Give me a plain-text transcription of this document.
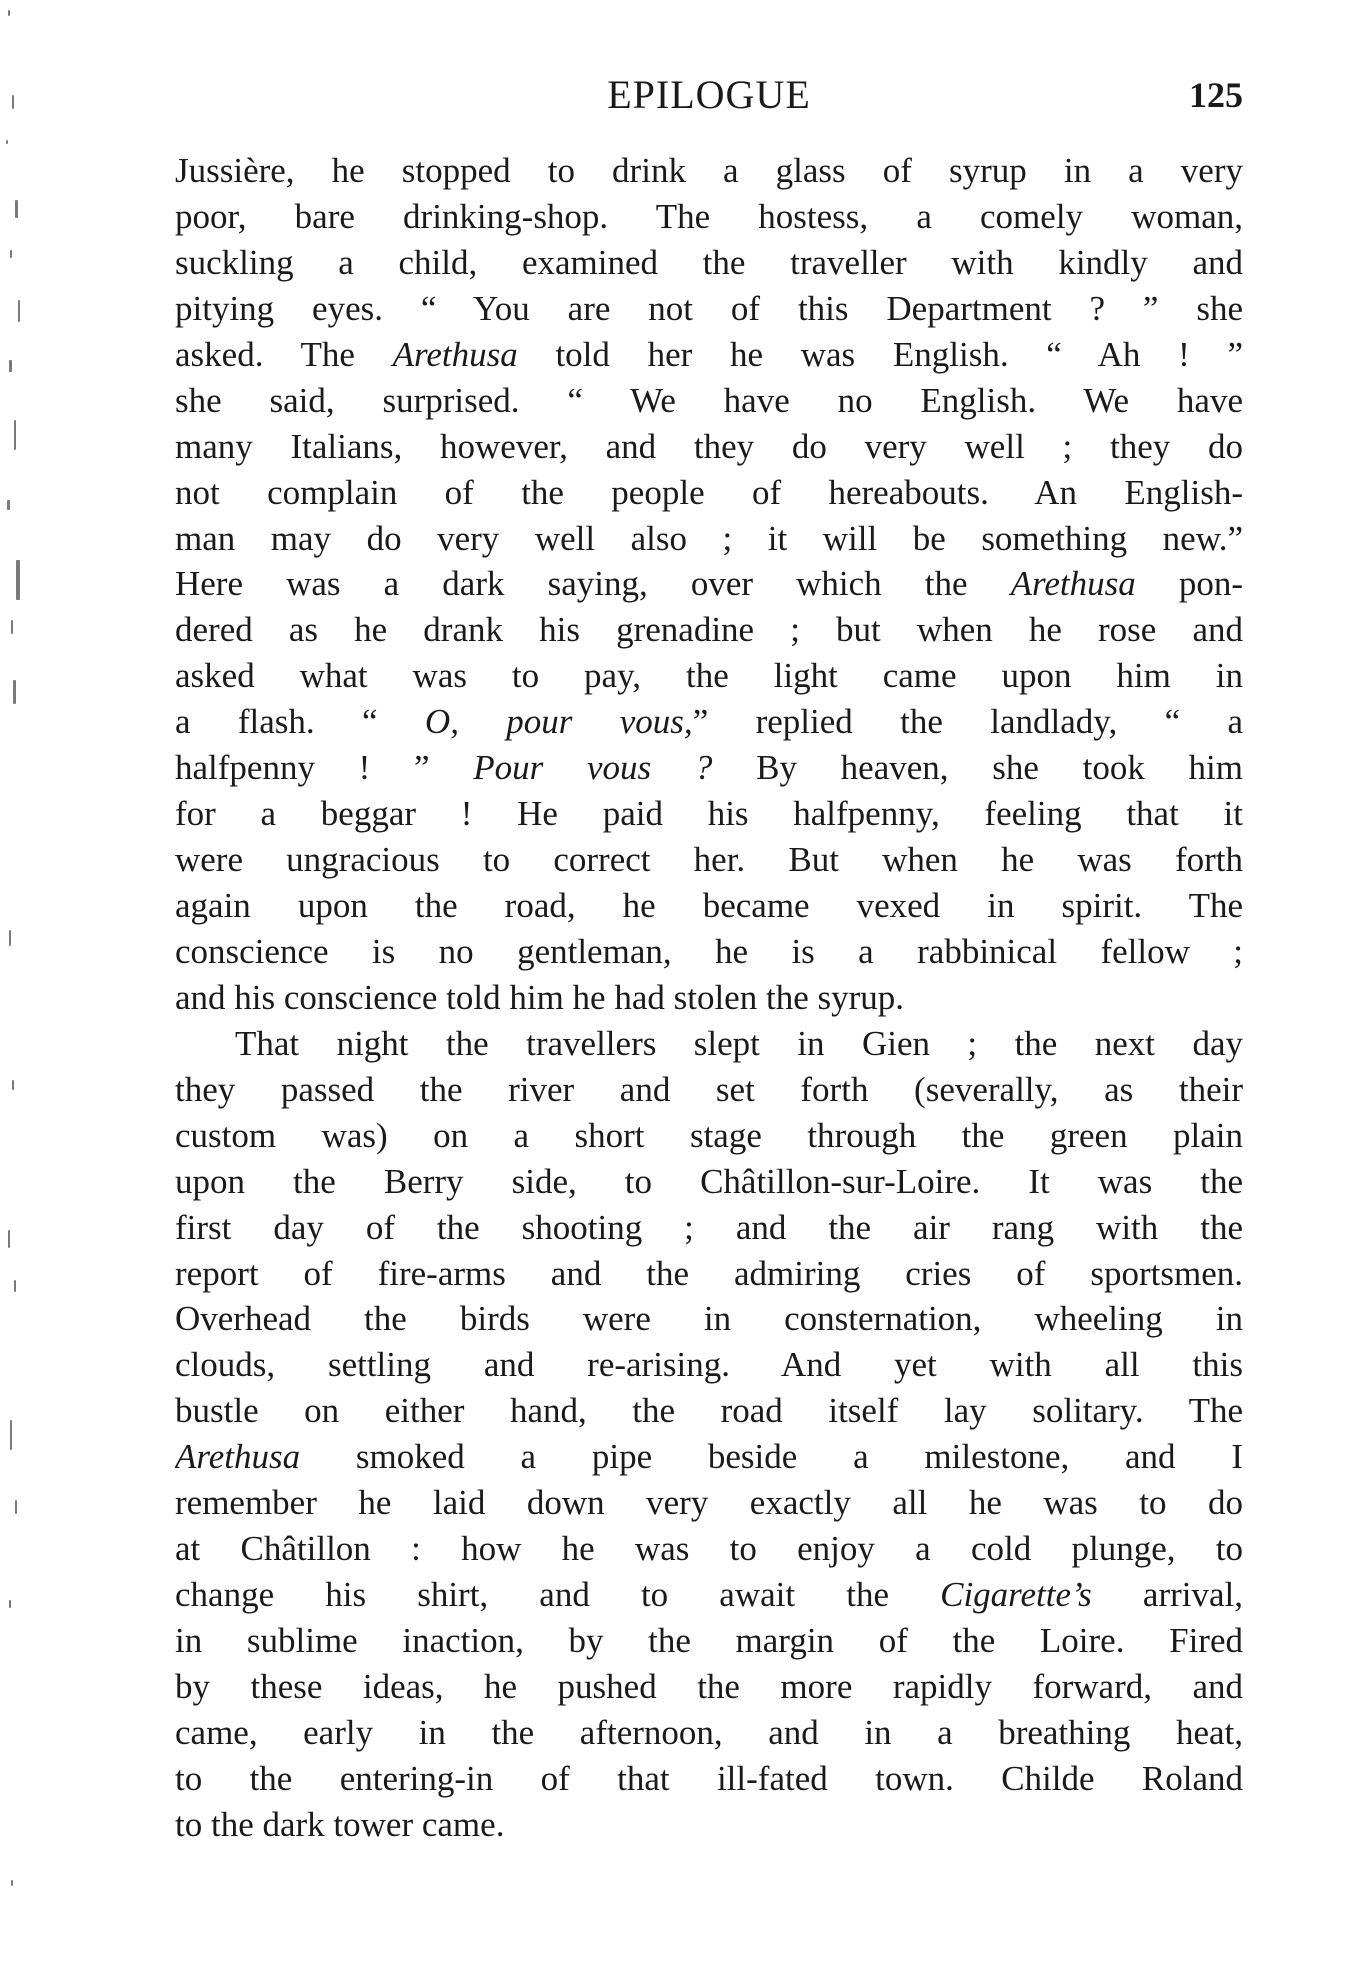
EPILOGUE	125
Jussière, he stopped to drink a glass of syrup in a very
poor, bare drinking-shop. The hostess, a comely woman,
suckling a child, examined the traveller with kindly and
pitying eyes. “ You are not of this Department ? ” she
asked. The Arethusa told her he was English. “ Ah ! ”
she said, surprised. “ We have no English. We have
many Italians, however, and they do very well ; they do
not complain of the people of hereabouts. An English-
man may do very well also ; it will be something new.”
Here was a dark saying, over which the Arethusa pon-
dered as he drank his grenadine ; but when he rose and
asked what was to pay, the light came upon him in
a flash. “ O, pour vous,” replied the landlady, “ a
halfpenny ! ” Pour vous ? By heaven, she took him
for a beggar ! He paid his halfpenny, feeling that it
were ungracious to correct her. But when he was forth
again upon the road, he became vexed in spirit. The
conscience is no gentleman, he is a rabbinical fellow ;
and his conscience told him he had stolen the syrup.
That night the travellers slept in Gien ; the next day
they passed the river and set forth (severally, as their
custom was) on a short stage through the green plain
upon the Berry side, to Châtillon-sur-Loire. It was the
first day of the shooting ; and the air rang with the
report of fire-arms and the admiring cries of sportsmen.
Overhead the birds were in consternation, wheeling in
clouds, settling and re-arising. And yet with all this
bustle on either hand, the road itself lay solitary. The
Arethusa smoked a pipe beside a milestone, and I
remember he laid down very exactly all he was to do
at Châtillon : how he was to enjoy a cold plunge, to
change his shirt, and to await the Cigarette’s arrival,
in sublime inaction, by the margin of the Loire. Fired
by these ideas, he pushed the more rapidly forward, and
came, early in the afternoon, and in a breathing heat,
to the entering-in of that ill-fated town. Childe Roland
to the dark tower came.
